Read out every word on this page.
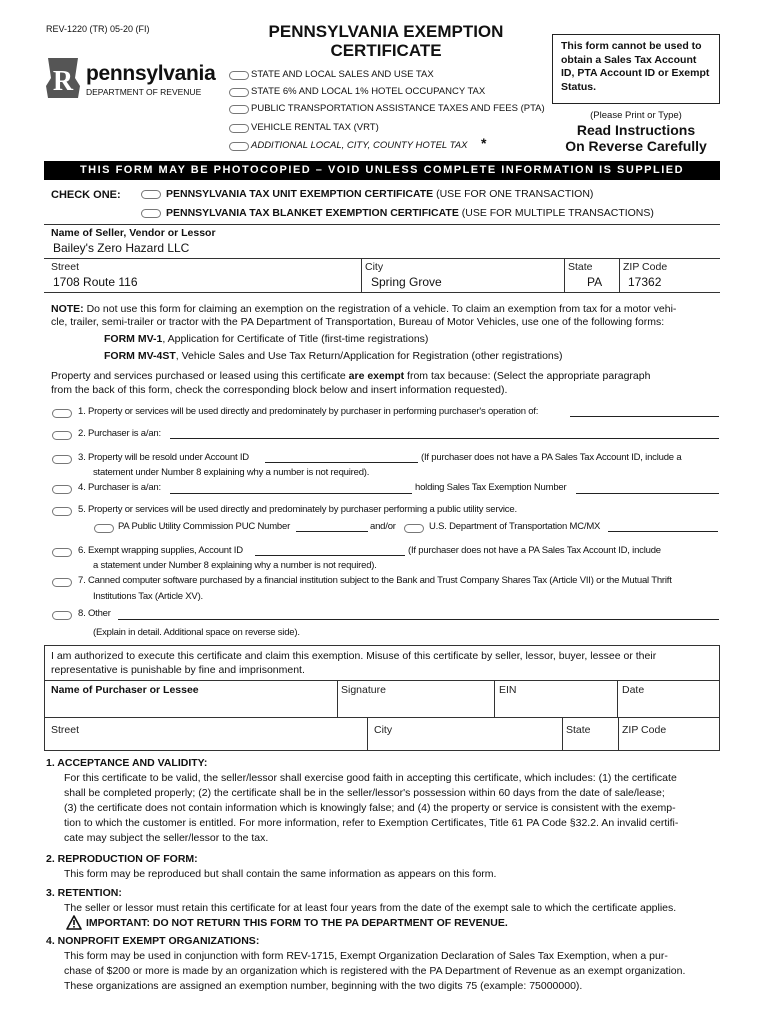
REV-1220 (TR) 05-20 (FI)
R pennsylvania
DEPARTMENT OF REVENUE
PENNSYLVANIA EXEMPTION
CERTIFICATE
STATE AND LOCAL SALES AND USE TAX
STATE 6% AND LOCAL 1% HOTEL OCCUPANCY TAX
PUBLIC TRANSPORTATION ASSISTANCE TAXES AND FEES (PTA)
VEHICLE RENTAL TAX (VRT)
ADDITIONAL LOCAL, CITY, COUNTY HOTEL TAX *
This form cannot be used to obtain a Sales Tax Account ID, PTA Account ID or Exempt Status.
(Please Print or Type)
Read Instructions
On Reverse Carefully
THIS FORM MAY BE PHOTOCOPIED – VOID UNLESS COMPLETE INFORMATION IS SUPPLIED
CHECK ONE:	PENNSYLVANIA TAX UNIT EXEMPTION CERTIFICATE (USE FOR ONE TRANSACTION)
PENNSYLVANIA TAX BLANKET EXEMPTION CERTIFICATE (USE FOR MULTIPLE TRANSACTIONS)
Name of Seller, Vendor or Lessor
Bailey's Zero Hazard LLC
Street
1708 Route 116
City
Spring Grove
State
PA
ZIP Code
17362
NOTE: Do not use this form for claiming an exemption on the registration of a vehicle. To claim an exemption from tax for a motor vehi-
cle, trailer, semi-trailer or tractor with the PA Department of Transportation, Bureau of Motor Vehicles, use one of the following forms:
FORM MV-1, Application for Certificate of Title (first-time registrations)
FORM MV-4ST, Vehicle Sales and Use Tax Return/Application for Registration (other registrations)
Property and services purchased or leased using this certificate are exempt from tax because: (Select the appropriate paragraph
from the back of this form, check the corresponding block below and insert information requested).
1. Property or services will be used directly and predominately by purchaser in performing purchaser's operation of:
2. Purchaser is a/an:
3. Property will be resold under Account ID	(If purchaser does not have a PA Sales Tax Account ID, include a
statement under Number 8 explaining why a number is not required).
4. Purchaser is a/an:	holding Sales Tax Exemption Number
5. Property or services will be used directly and predominately by purchaser performing a public utility service.
PA Public Utility Commission PUC Number	and/or	U.S. Department of Transportation MC/MX
6. Exempt wrapping supplies, Account ID	(If purchaser does not have a PA Sales Tax Account ID, include
a statement under Number 8 explaining why a number is not required).
7. Canned computer software purchased by a financial institution subject to the Bank and Trust Company Shares Tax (Article VII) or the Mutual Thrift
Institutions Tax (Article XV).
8. Other
(Explain in detail. Additional space on reverse side).
I am authorized to execute this certificate and claim this exemption. Misuse of this certificate by seller, lessor, buyer, lessee or their
representative is punishable by fine and imprisonment.
Name of Purchaser or Lessee	Signature	EIN	Date
Street	City	State	ZIP Code
1. ACCEPTANCE AND VALIDITY:
For this certificate to be valid, the seller/lessor shall exercise good faith in accepting this certificate, which includes: (1) the certificate
shall be completed properly; (2) the certificate shall be in the seller/lessor's possession within 60 days from the date of sale/lease;
(3) the certificate does not contain information which is knowingly false; and (4) the property or service is consistent with the exemp-
tion to which the customer is entitled. For more information, refer to Exemption Certificates, Title 61 PA Code §32.2. An invalid certifi-
cate may subject the seller/lessor to the tax.
2. REPRODUCTION OF FORM:
This form may be reproduced but shall contain the same information as appears on this form.
3. RETENTION:
The seller or lessor must retain this certificate for at least four years from the date of the exempt sale to which the certificate applies.
IMPORTANT: DO NOT RETURN THIS FORM TO THE PA DEPARTMENT OF REVENUE.
4. NONPROFIT EXEMPT ORGANIZATIONS:
This form may be used in conjunction with form REV-1715, Exempt Organization Declaration of Sales Tax Exemption, when a pur-
chase of $200 or more is made by an organization which is registered with the PA Department of Revenue as an exempt organization.
These organizations are assigned an exemption number, beginning with the two digits 75 (example: 75000000).
